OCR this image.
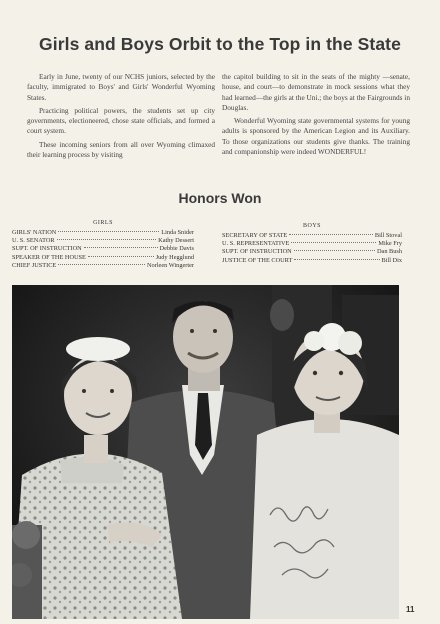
Girls and Boys Orbit to the Top in the State

Early in June, twenty of our NCHS juniors, selected by the faculty, immigrated to Boys' and Girls' Wonderful Wyoming States.

Practicing political powers, the students set up city governments, electioneered, chose state officials, and formed a court system.

These incoming seniors from all over Wyoming climaxed their learning process by visiting

the capitol building to sit in the seats of the mighty —senate, house, and court—to demonstrate in mock sessions what they had learned—the girls at the Uni.; the boys at the Fairgrounds in Douglas.

Wonderful Wyoming state governmental systems for young adults is sponsored by the American Legion and its Auxiliary. To those organizations our students give thanks. The training and companionship were indeed WONDERFUL!

Honors Won
GIRLS
GIRLS' NATION	Linda Snider
U. S. SENATOR	Kathy Dessert
SUPT. OF INSTRUCTION	Debbie Davis
SPEAKER OF THE HOUSE	Judy Hegglund
CHIEF JUSTICE	Norleen Wingerter
BOYS
SECRETARY OF STATE	Bill Stoval
U. S. REPRESENTATIVE	Mike Fry
SUPT. OF INSTRUCTION	Dan Bush
JUSTICE OF THE COURT	Bill Dix
11
